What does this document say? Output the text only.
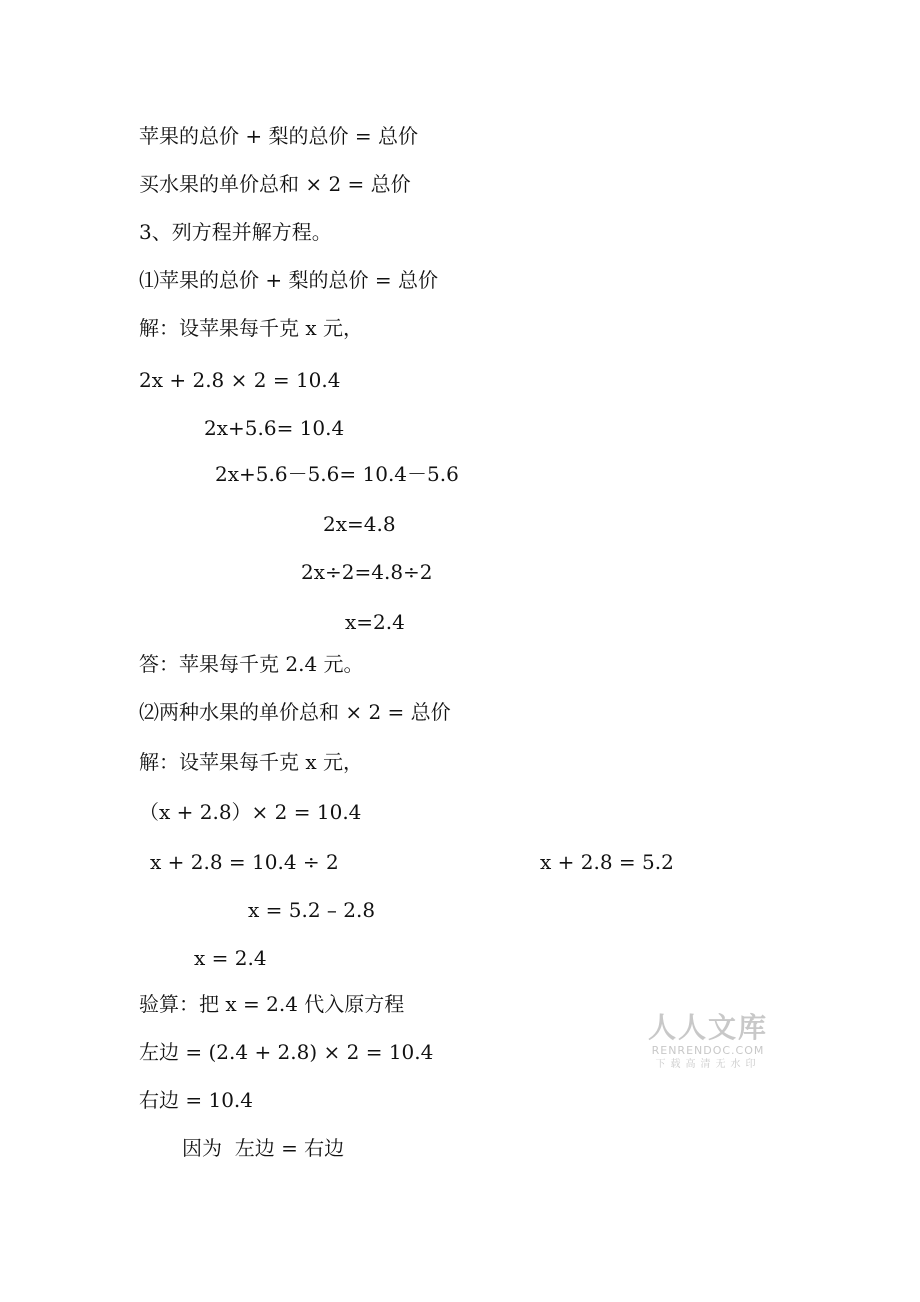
苹果的总价 + 梨的总价 = 总价
买水果的单价总和 × 2 = 总价
3、列方程并解方程。
⑴苹果的总价 + 梨的总价 = 总价
解：设苹果每千克 x 元，
2x + 2.8 × 2 = 10.4
2x+5.6= 10.4
2x+5.6－5.6= 10.4－5.6
2x=4.8
2x÷2=4.8÷2
x=2.4
答：苹果每千克 2.4 元。
⑵两种水果的单价总和 × 2 = 总价
解：设苹果每千克 x 元，
（x + 2.8）× 2 = 10.4
x + 2.8 = 10.4 ÷ 2	x + 2.8 = 5.2
x = 5.2 – 2.8
x = 2.4
验算：把 x = 2.4 代入原方程
左边 = (2.4 + 2.8) × 2 = 10.4
右边 = 10.4
因为  左边 = 右边
人人文库
RENRENDOC.COM
下载高清无水印
